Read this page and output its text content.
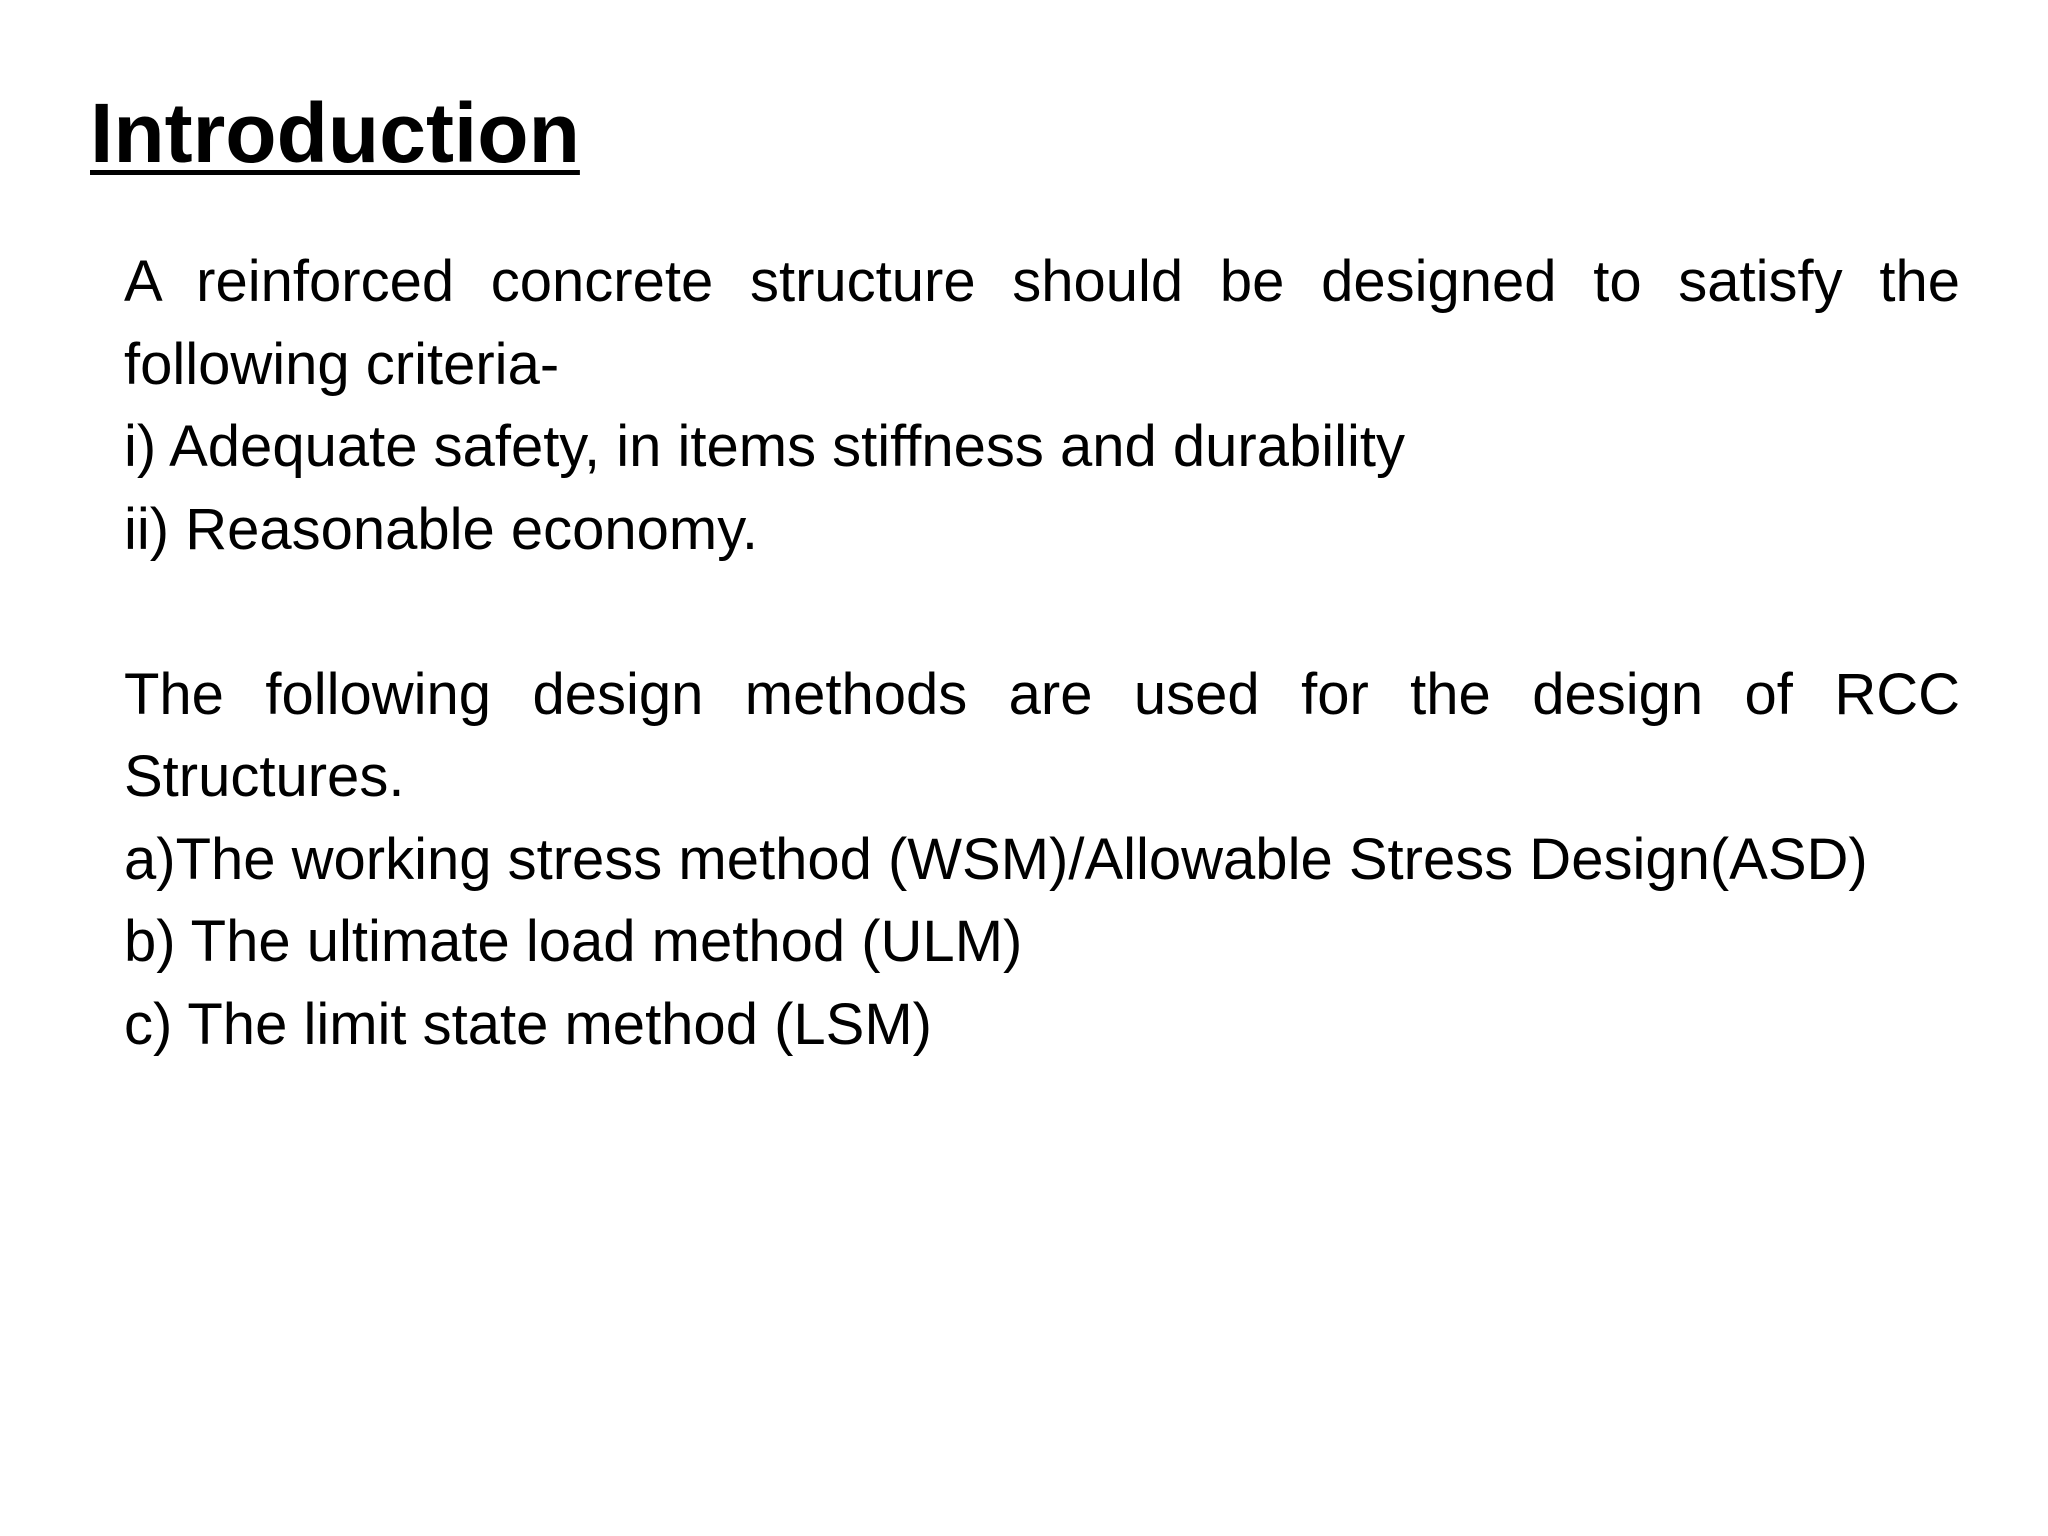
Introduction

A reinforced concrete structure should be designed to satisfy the following criteria-

i) Adequate safety, in items stiffness and durability

ii) Reasonable economy.

The following design methods are used for the design of RCC Structures.

a)The working stress method (WSM)/Allowable Stress Design(ASD)

b) The ultimate load method (ULM)

c) The limit state method (LSM)
